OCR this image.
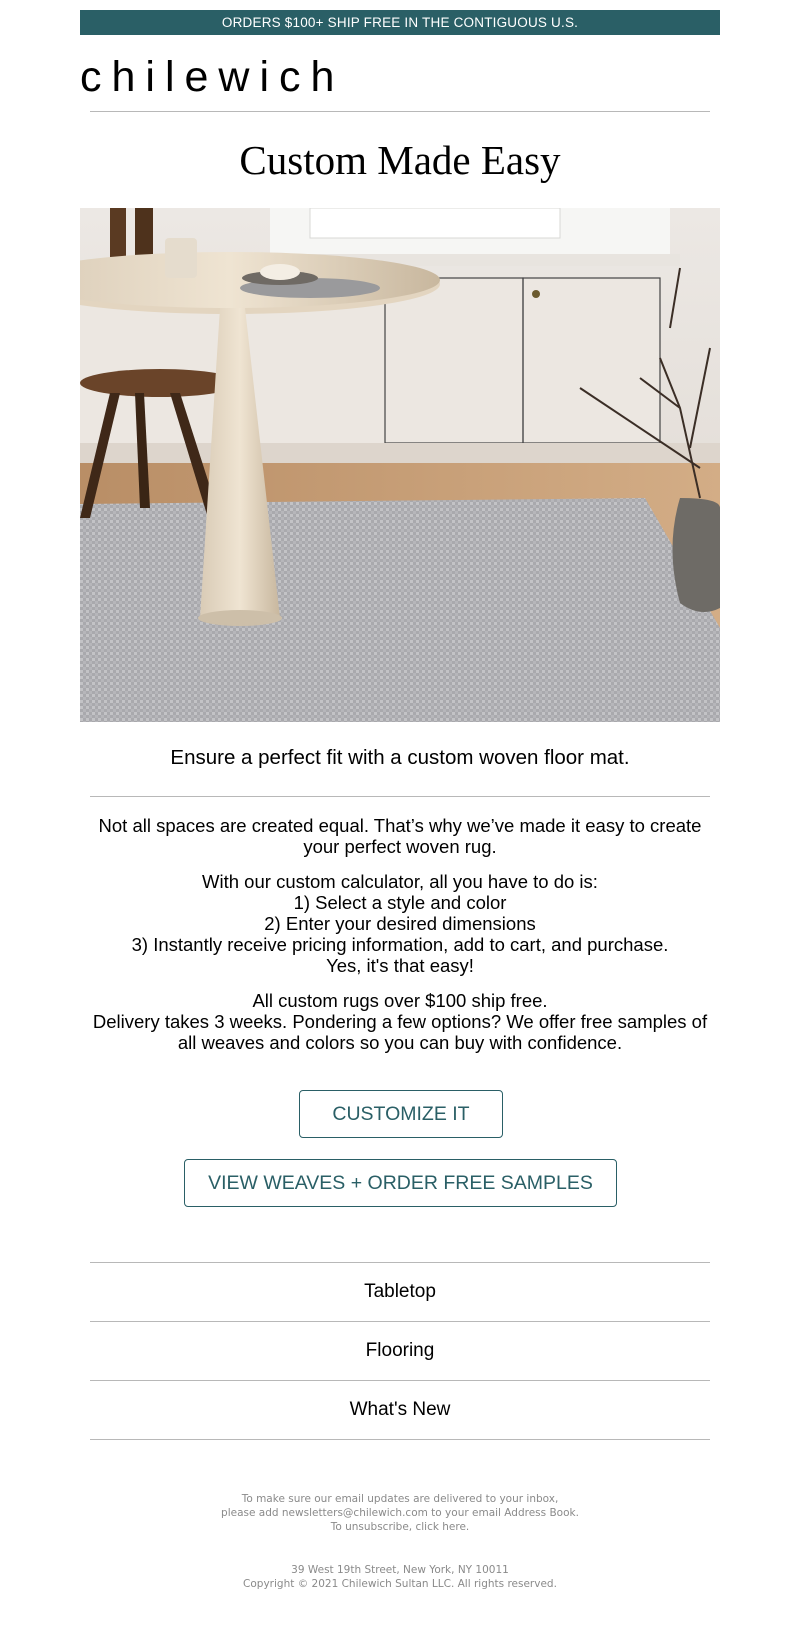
ORDERS $100+ SHIP FREE IN THE CONTIGUOUS U.S.
chilewich
Custom Made Easy
Ensure a perfect fit with a custom woven floor mat.
Not all spaces are created equal. That’s why we’ve made it easy to create your perfect woven rug.
With our custom calculator, all you have to do is:
1) Select a style and color
2) Enter your desired dimensions
3) Instantly receive pricing information, add to cart, and purchase.
Yes, it's that easy!
All custom rugs over $100 ship free.
Delivery takes 3 weeks. Pondering a few options? We offer free samples of all weaves and colors so you can buy with confidence.
CUSTOMIZE IT
VIEW WEAVES + ORDER FREE SAMPLES
Tabletop
Flooring
What's New
To make sure our email updates are delivered to your inbox,
please add newsletters@chilewich.com to your email Address Book.
To unsubscribe, click here.
39 West 19th Street, New York, NY 10011
Copyright © 2021 Chilewich Sultan LLC. All rights reserved.
